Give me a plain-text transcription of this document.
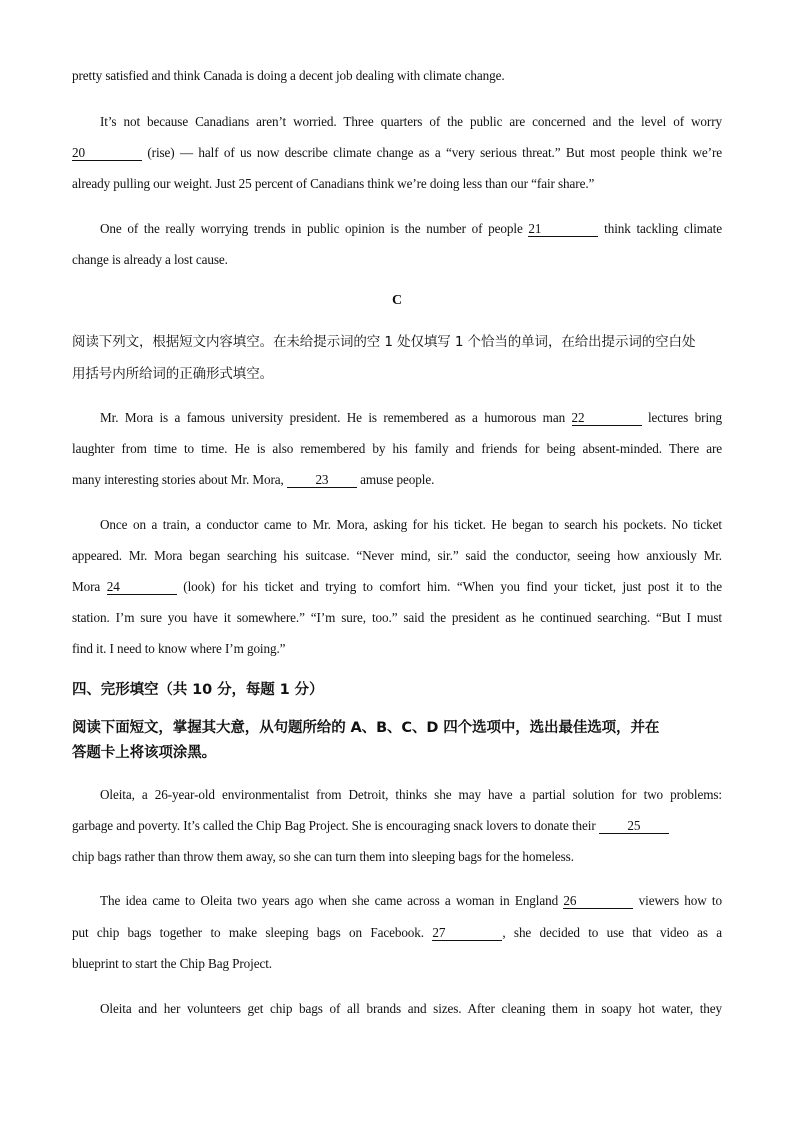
pretty satisfied and think Canada is doing a decent job dealing with climate change.
It’s not because Canadians aren’t worried. Three quarters of the public are concerned and the level of worry
20	(rise) — half of us now describe climate change as a “very serious threat.” But most people think we’re
already pulling our weight. Just 25 percent of Canadians think we’re doing less than our “fair share.”
One of the really worrying trends in public opinion is the number of people 21	think tackling climate
change is already a lost cause.
C
阅读下列文，根据短文内容填空。在未给提示词的空 1 处仅填写 1 个恰当的单词，在给出提示词的空白处
用括号内所给词的正确形式填空。
Mr. Mora is a famous university president. He is remembered as a humorous man 22	lectures bring
laughter from time to time. He is also remembered by his family and friends for being absent-minded. There are
many interesting stories about Mr. Mora, 23 amuse people.
Once on a train, a conductor came to Mr. Mora, asking for his ticket. He began to search his pockets. No ticket
appeared. Mr. Mora began searching his suitcase. “Never mind, sir.” said the conductor, seeing how anxiously Mr.
Mora 24	(look) for his ticket and trying to comfort him. “When you find your ticket, just post it to the
station. I’m sure you have it somewhere.” “I’m sure, too.” said the president as he continued searching. “But I must
find it. I need to know where I’m going.”
四、完形填空（共 10 分，每题 1 分）
阅读下面短文，掌握其大意，从句题所给的 A、B、C、D 四个选项中，选出最佳选项，并在
答题卡上将该项涂黑。
Oleita, a 26-year-old environmentalist from Detroit, thinks she may have a partial solution for two problems:
garbage and poverty. It’s called the Chip Bag Project. She is encouraging snack lovers to donate their 25
chip bags rather than throw them away, so she can turn them into sleeping bags for the homeless.
The idea came to Oleita two years ago when she came across a woman in England 26	viewers how to
put chip bags together to make sleeping bags on Facebook. 27	, she decided to use that video as a
blueprint to start the Chip Bag Project.
Oleita and her volunteers get chip bags of all brands and sizes. After cleaning them in soapy hot water, they
